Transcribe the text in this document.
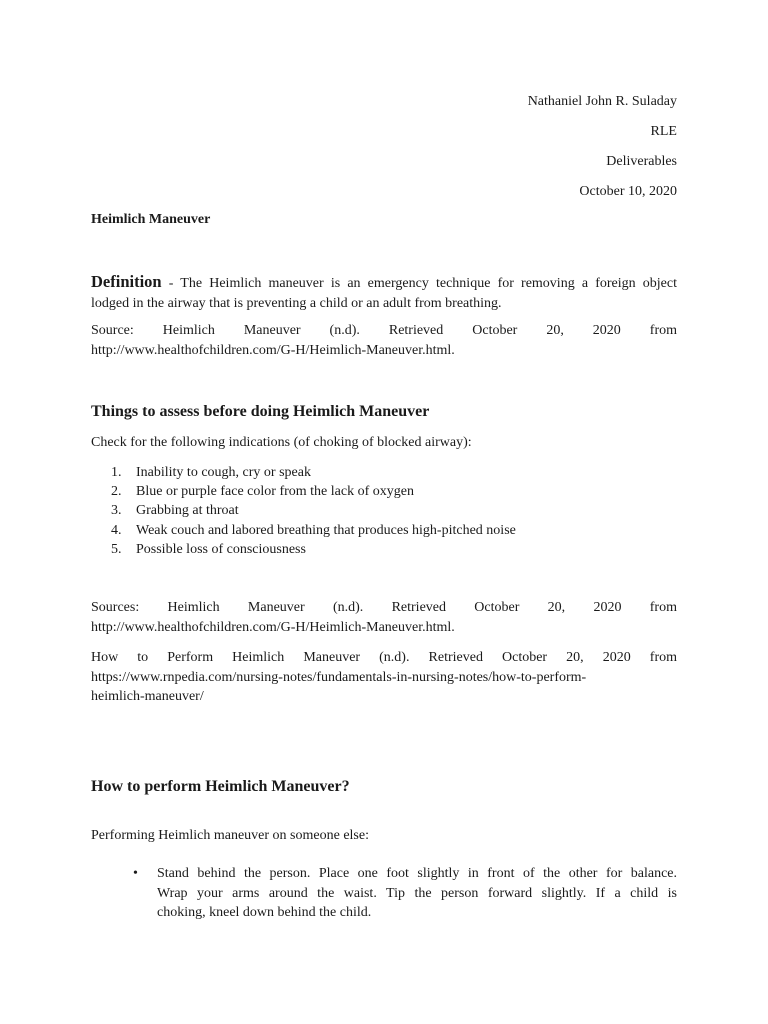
Nathaniel John R. Suladay
RLE
Deliverables
October 10, 2020
Heimlich Maneuver
Definition - The Heimlich maneuver is an emergency technique for removing a foreign object
lodged in the airway that is preventing a child or an adult from breathing.
Source: Heimlich Maneuver (n.d). Retrieved October 20, 2020 from
http://www.healthofchildren.com/G-H/Heimlich-Maneuver.html.
Things to assess before doing Heimlich Maneuver
Check for the following indications (of choking of blocked airway):
1.	Inability to cough, cry or speak
2.	Blue or purple face color from the lack of oxygen
3.	Grabbing at throat
4.	Weak couch and labored breathing that produces high-pitched noise
5.	Possible loss of consciousness
Sources: Heimlich Maneuver (n.d). Retrieved October 20, 2020 from
http://www.healthofchildren.com/G-H/Heimlich-Maneuver.html.
How to Perform Heimlich Maneuver (n.d). Retrieved October 20, 2020 from
https://www.rnpedia.com/nursing-notes/fundamentals-in-nursing-notes/how-to-perform-
heimlich-maneuver/
How to perform Heimlich Maneuver?
Performing Heimlich maneuver on someone else:
• Stand behind the person. Place one foot slightly in front of the other for balance.
Wrap your arms around the waist. Tip the person forward slightly. If a child is
choking, kneel down behind the child.
